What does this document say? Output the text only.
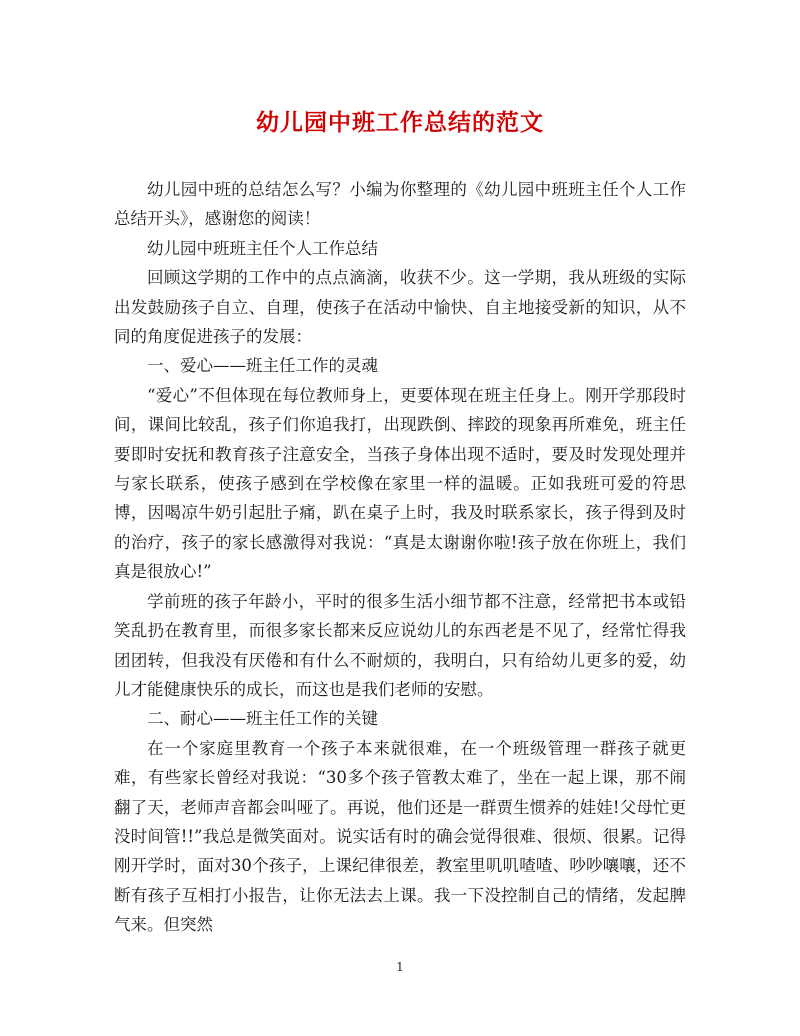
幼儿园中班工作总结的范文

幼儿园中班的总结怎么写？小编为你整理的《幼儿园中班班主任个人工作总结开头》，感谢您的阅读！

幼儿园中班班主任个人工作总结

回顾这学期的工作中的点点滴滴，收获不少。这一学期，我从班级的实际出发鼓励孩子自立、自理，使孩子在活动中愉快、自主地接受新的知识，从不同的角度促进孩子的发展：

一、爱心——班主任工作的灵魂

“爱心”不但体现在每位教师身上，更要体现在班主任身上。刚开学那段时间，课间比较乱，孩子们你追我打，出现跌倒、摔跤的现象再所难免，班主任要即时安抚和教育孩子注意安全，当孩子身体出现不适时，要及时发现处理并与家长联系，使孩子感到在学校像在家里一样的温暖。正如我班可爱的符思博，因喝凉牛奶引起肚子痛，趴在桌子上时，我及时联系家长，孩子得到及时的治疗，孩子的家长感激得对我说：“真是太谢谢你啦!孩子放在你班上，我们真是很放心!”

学前班的孩子年龄小，平时的很多生活小细节都不注意，经常把书本或铅笑乱扔在教育里，而很多家长都来反应说幼儿的东西老是不见了，经常忙得我团团转，但我没有厌倦和有什么不耐烦的，我明白，只有给幼儿更多的爱，幼儿才能健康快乐的成长，而这也是我们老师的安慰。

二、耐心——班主任工作的关键

在一个家庭里教育一个孩子本来就很难，在一个班级管理一群孩子就更难，有些家长曾经对我说：“30多个孩子管教太难了，坐在一起上课，那不闹翻了天，老师声音都会叫哑了。再说，他们还是一群贾生惯养的娃娃!父母忙更没时间管!!”我总是微笑面对。说实话有时的确会觉得很难、很烦、很累。记得刚开学时，面对30个孩子，上课纪律很差，教室里叽叽喳喳、吵吵嚷嚷，还不断有孩子互相打小报告，让你无法去上课。我一下没控制自己的情绪，发起脾气来。但突然

1
